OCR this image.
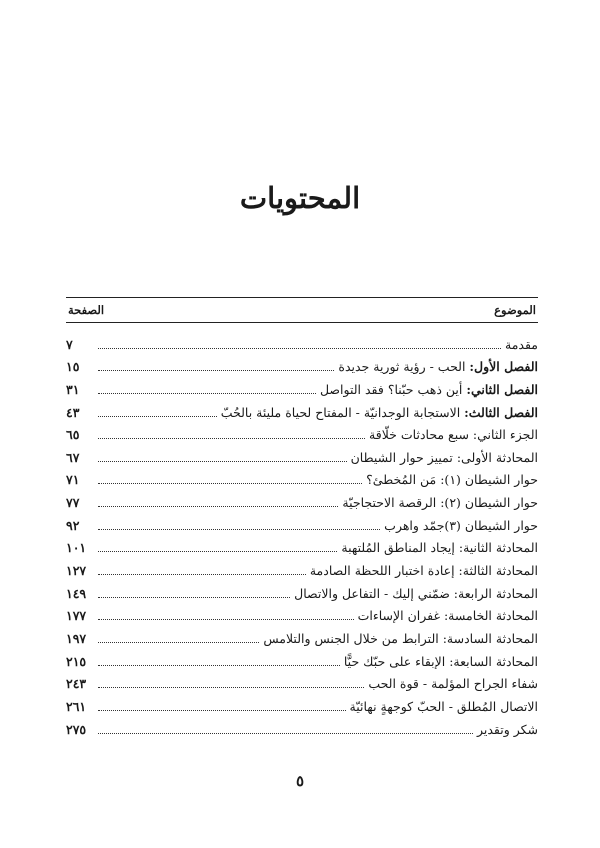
المحتويات
الموضوع
الصفحة
مقدمة
٧
الفصل الأول: الحب - رؤية ثورية جديدة
١٥
الفصل الثاني: أين ذهب حبّنا؟ فقد التواصل
٣١
الفصل الثالث: الاستجابة الوجدانيّة - المفتاح لحياة مليئة بالحُبّ
٤٣
الجزء الثاني: سبع محادثات خلّاقة
٦٥
المحادثة الأولى: تمييز حوار الشيطان
٦٧
حوار الشيطان (١): مَن المُخطئ؟
٧١
حوار الشيطان (٢): الرقصة الاحتجاجيّة
٧٧
حوار الشيطان (٣)جمّد واهرب
٩٢
المحادثة الثانية: إيجاد المناطق المُلتهبة
١٠١
المحادثة الثالثة: إعادة اختبار اللحظة الصادمة
١٢٧
المحادثة الرابعة: ضمّني إليك - التفاعل والاتصال
١٤٩
المحادثة الخامسة: غفران الإساءات
١٧٧
المحادثة السادسة: الترابط من خلال الجنس والتلامس
١٩٧
المحادثة السابعة: الإبقاء على حبّك حيًّا
٢١٥
شفاء الجراح المؤلمة - قوة الحب
٢٤٣
الاتصال المُطلق - الحبّ كوجهةٍ نهائيّة
٢٦١
شكر وتقدير
٢٧٥
٥
